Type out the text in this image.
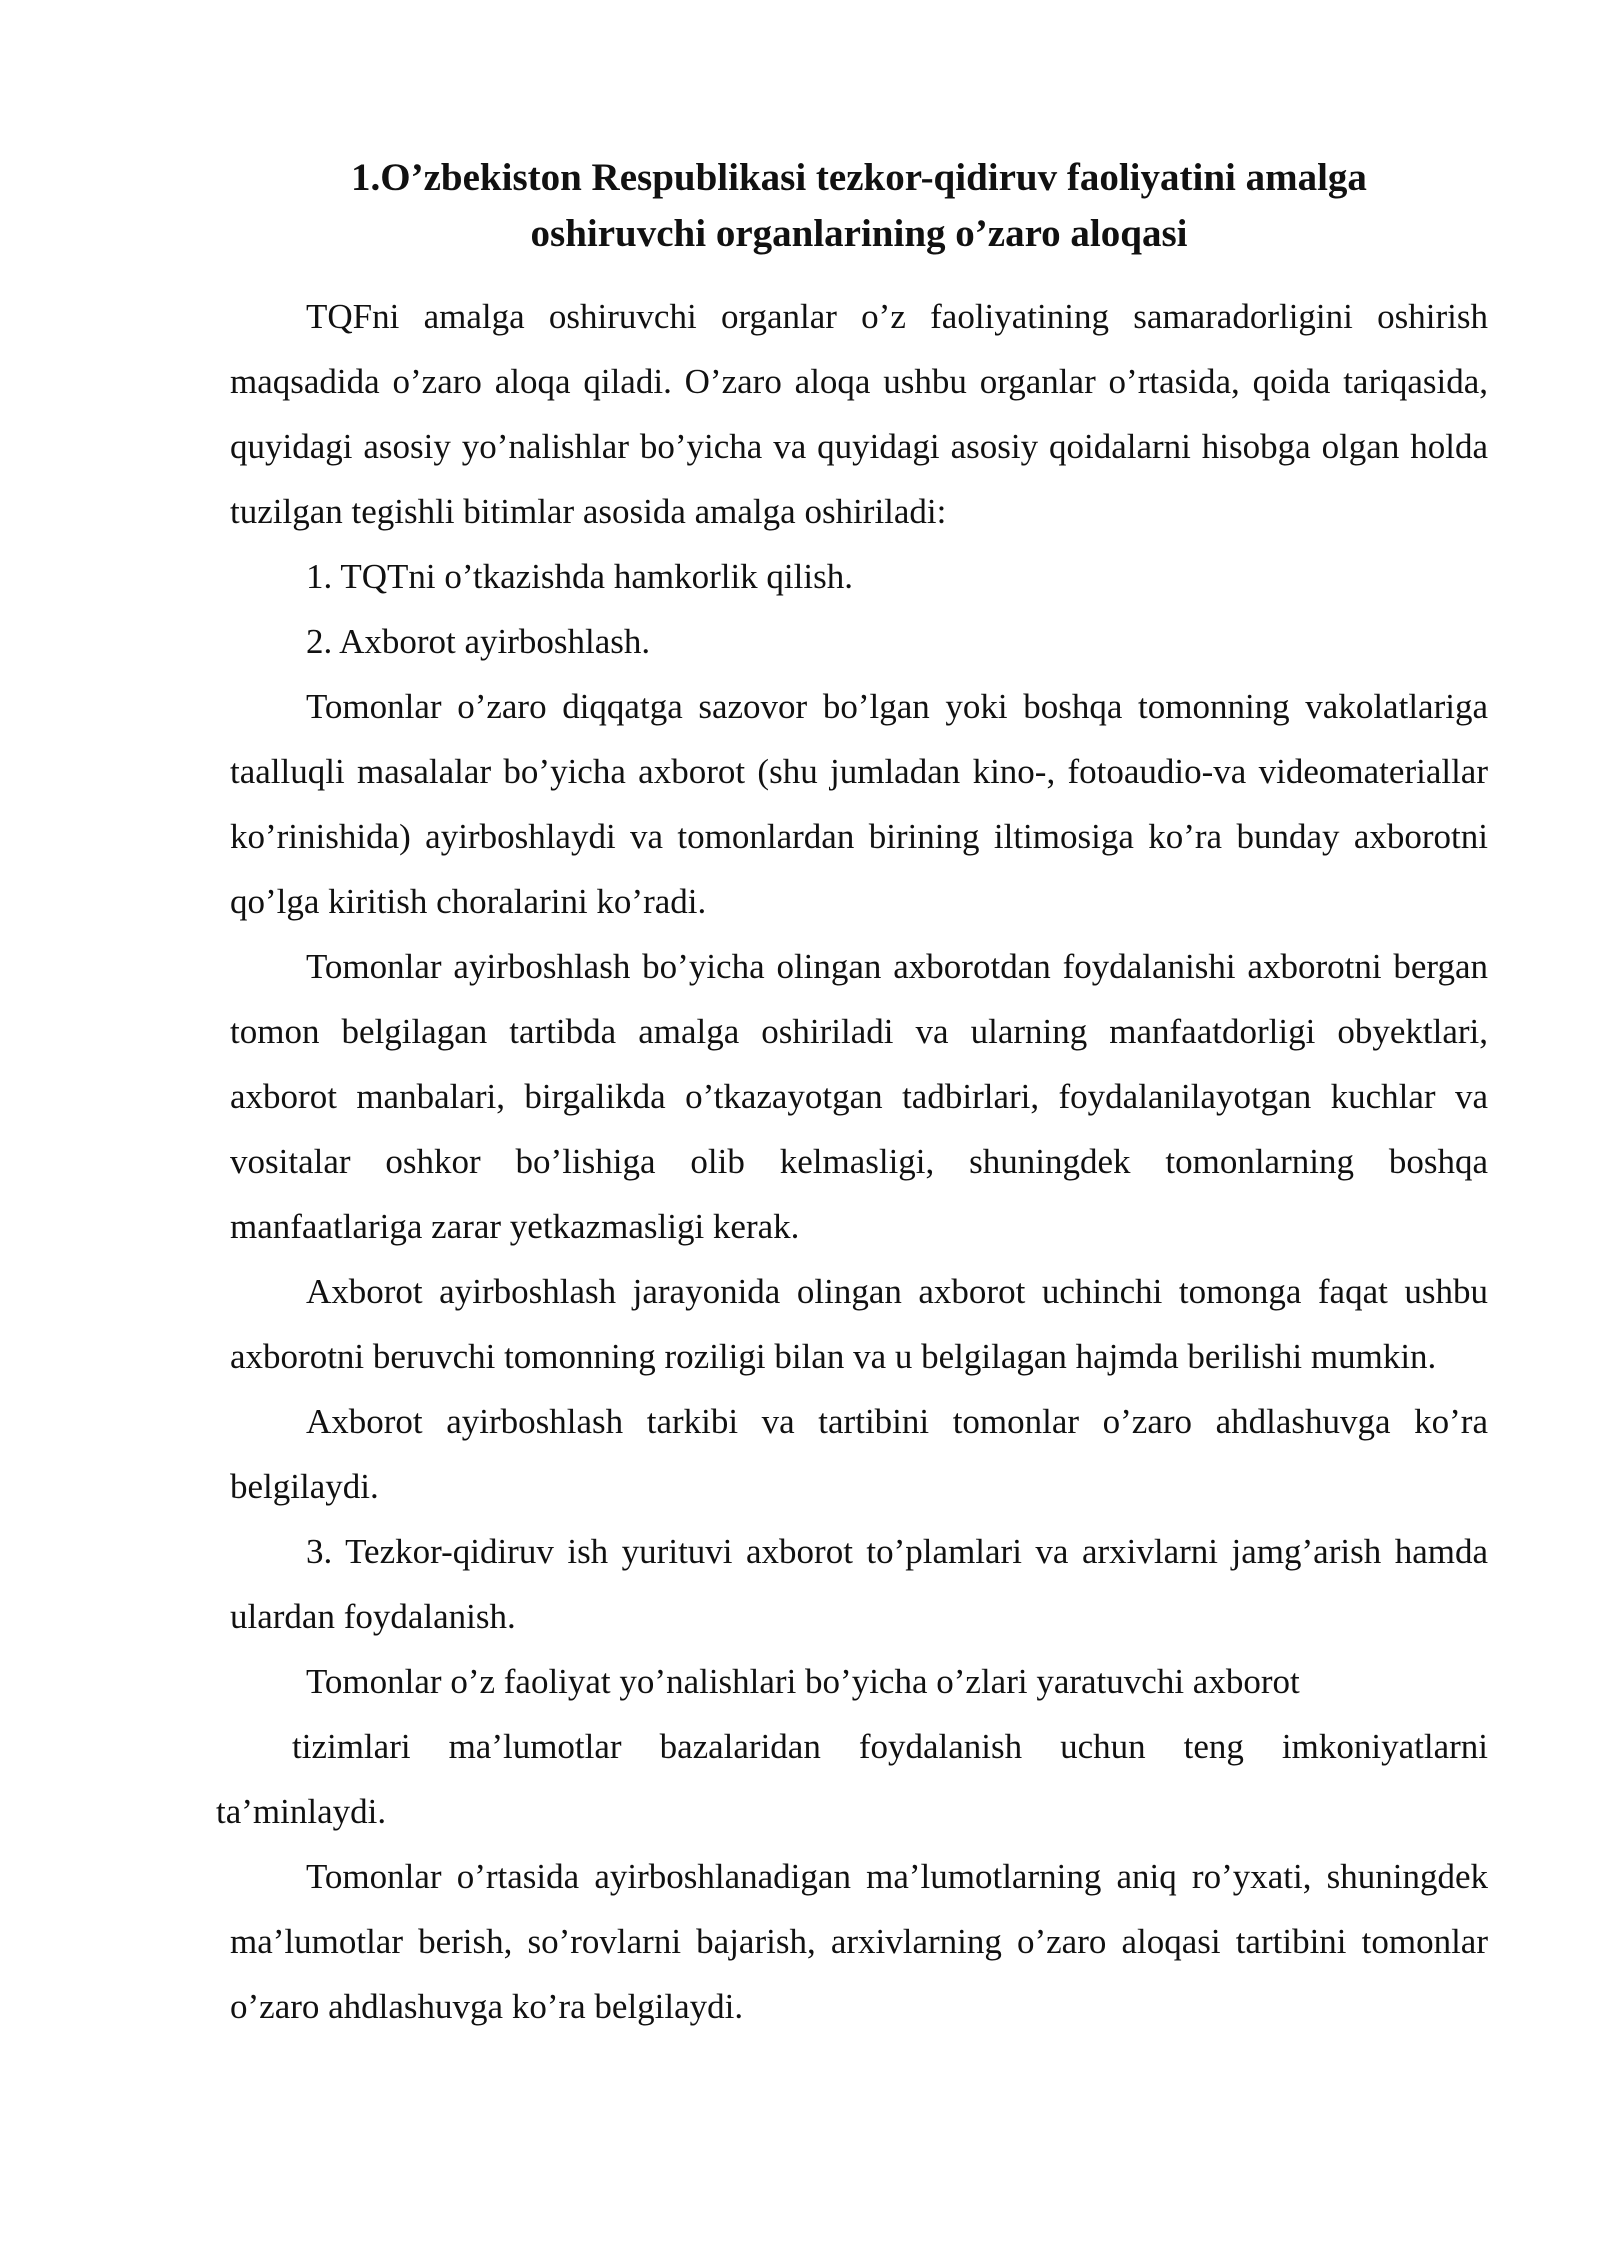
1.O’zbekiston Respublikasi tezkor-qidiruv faoliyatini amalga
oshiruvchi organlarining o’zaro aloqasi

TQFni amalga oshiruvchi organlar o’z faoliyatining samaradorligini oshirish maqsadida o’zaro aloqa qiladi. O’zaro aloqa ushbu organlar o’rtasida, qoida tariqasida, quyidagi asosiy yo’nalishlar bo’yicha va quyidagi asosiy qoidalarni hisobga olgan holda tuzilgan tegishli bitimlar asosida amalga oshiriladi:

1. TQTni o’tkazishda hamkorlik qilish.

2. Axborot ayirboshlash.

Tomonlar o’zaro diqqatga sazovor bo’lgan yoki boshqa tomonning vakolatlariga taalluqli masalalar bo’yicha axborot (shu jumladan kino-, fotoaudio-va videomateriallar ko’rinishida) ayirboshlaydi va tomonlardan birining iltimosiga ko’ra bunday axborotni qo’lga kiritish choralarini ko’radi.

Tomonlar ayirboshlash bo’yicha olingan axborotdan foydalanishi axborotni bergan tomon belgilagan tartibda amalga oshiriladi va ularning manfaatdorligi obyektlari, axborot manbalari, birgalikda o’tkazayotgan tadbirlari, foydalanilayotgan kuchlar va vositalar oshkor bo’lishiga olib kelmasligi, shuningdek tomonlarning boshqa manfaatlariga zarar yetkazmasligi kerak.

Axborot ayirboshlash jarayonida olingan axborot uchinchi tomonga faqat ushbu axborotni beruvchi tomonning roziligi bilan va u belgilagan hajmda berilishi mumkin.

Axborot ayirboshlash tarkibi va tartibini tomonlar o’zaro ahdlashuvga ko’ra belgilaydi.

3. Tezkor-qidiruv ish yurituvi axborot to’plamlari va arxivlarni jamg’arish hamda ulardan foydalanish.

Tomonlar o’z faoliyat yo’nalishlari bo’yicha o’zlari yaratuvchi axborot

tizimlari ma’lumotlar bazalaridan foydalanish uchun teng imkoniyatlarni ta’minlaydi.

Tomonlar o’rtasida ayirboshlanadigan ma’lumotlarning aniq ro’yxati, shuningdek ma’lumotlar berish, so’rovlarni bajarish, arxivlarning o’zaro aloqasi tartibini tomonlar o’zaro ahdlashuvga ko’ra belgilaydi.
